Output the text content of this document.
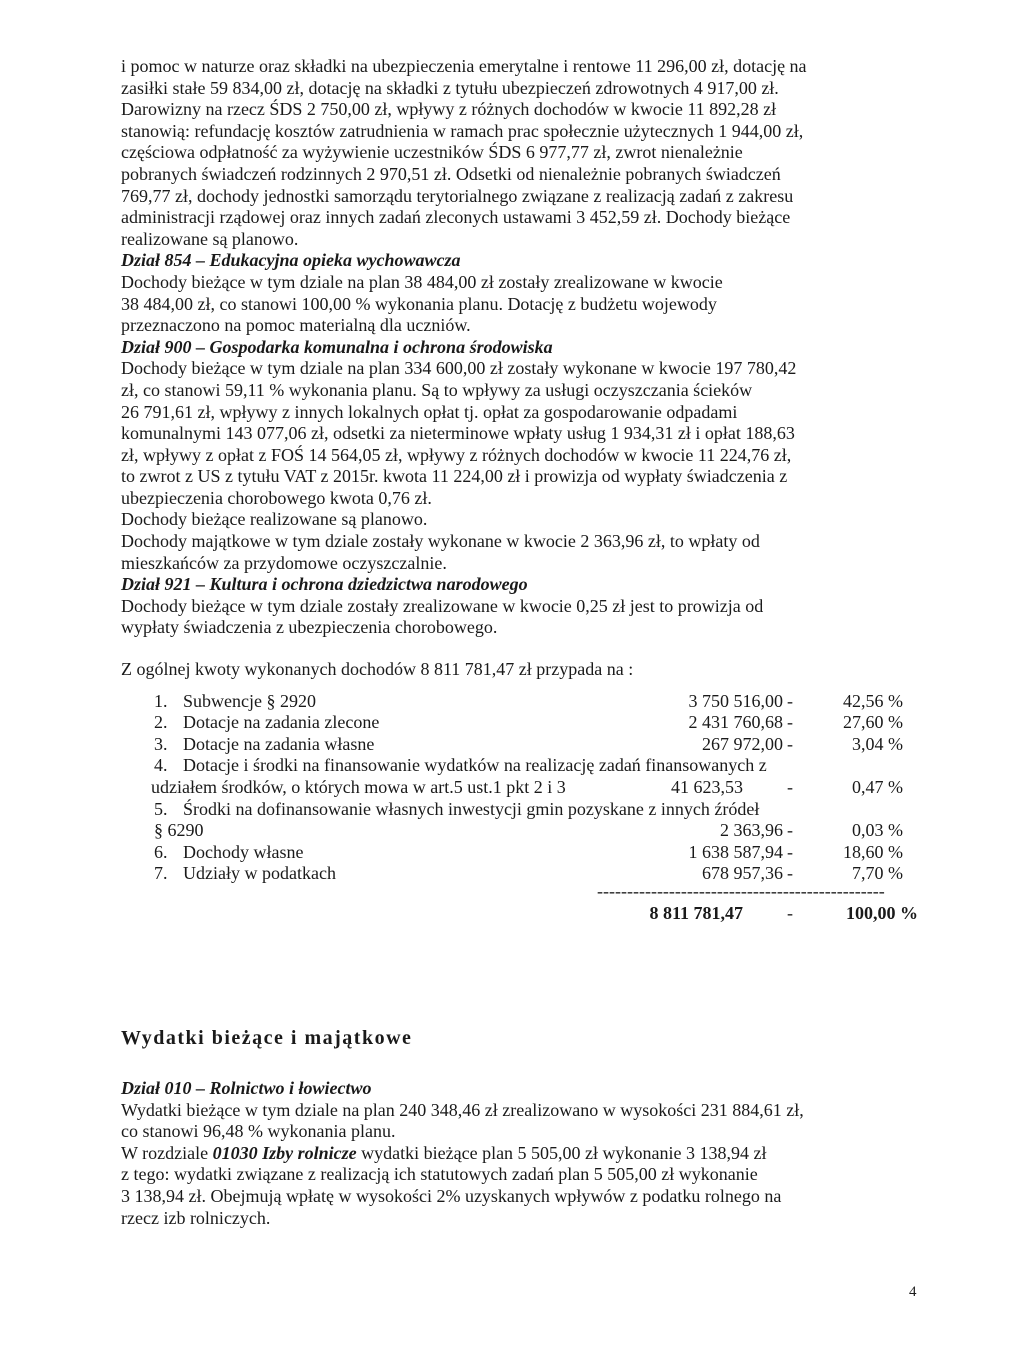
i pomoc w naturze oraz składki na ubezpieczenia emerytalne i rentowe 11 296,00 zł, dotację na

zasiłki stałe 59 834,00 zł, dotację na składki z tytułu ubezpieczeń zdrowotnych 4 917,00 zł.

Darowizny na rzecz ŚDS 2 750,00 zł, wpływy z różnych dochodów w kwocie 11 892,28 zł

stanowią: refundację kosztów zatrudnienia w ramach prac społecznie użytecznych 1 944,00 zł,

częściowa odpłatność za wyżywienie uczestników ŚDS 6 977,77 zł, zwrot nienależnie

pobranych świadczeń rodzinnych 2 970,51 zł. Odsetki od nienależnie pobranych świadczeń

769,77 zł, dochody jednostki samorządu terytorialnego związane z realizacją zadań z zakresu

administracji rządowej oraz innych zadań zleconych ustawami 3 452,59 zł. Dochody bieżące

realizowane są planowo.

Dział 854 – Edukacyjna opieka wychowawcza

Dochody bieżące w tym dziale na plan 38 484,00 zł zostały zrealizowane w kwocie

38 484,00 zł, co stanowi 100,00 % wykonania planu. Dotację z budżetu wojewody

przeznaczono na pomoc materialną dla uczniów.

Dział 900 – Gospodarka komunalna i ochrona środowiska

Dochody bieżące w tym dziale na plan 334 600,00 zł zostały wykonane w kwocie 197 780,42

zł, co stanowi 59,11 % wykonania planu. Są to wpływy za usługi oczyszczania ścieków

26 791,61 zł, wpływy z innych lokalnych opłat tj. opłat za gospodarowanie odpadami

komunalnymi 143 077,06 zł, odsetki za nieterminowe wpłaty usług 1 934,31 zł i opłat 188,63

zł, wpływy z opłat z FOŚ 14 564,05 zł, wpływy z różnych dochodów w kwocie 11 224,76 zł,

to zwrot z US z tytułu VAT z 2015r. kwota 11 224,00 zł i prowizja od wypłaty świadczenia z

ubezpieczenia chorobowego kwota 0,76 zł.

Dochody bieżące realizowane są planowo.

Dochody majątkowe w tym dziale zostały wykonane w kwocie 2 363,96 zł, to wpłaty od

mieszkańców za przydomowe oczyszczalnie.

Dział 921 – Kultura i ochrona dziedzictwa narodowego

Dochody bieżące w tym dziale zostały zrealizowane w kwocie 0,25 zł jest to prowizja od

wypłaty świadczenia z ubezpieczenia chorobowego.

Z ogólnej kwoty wykonanych dochodów 8 811 781,47 zł przypada na :

1. Subwencje § 2920	3 750 516,00 -	42,56 %
2. Dotacje na zadania zlecone	2 431 760,68 -	27,60 %
3. Dotacje na zadania własne	267 972,00 -	3,04 %
4. Dotacje i środki na finansowanie wydatków na realizację zadań finansowanych z
udziałem środków, o których mowa w art.5 ust.1 pkt 2 i 3	41 623,53 -	0,47 %
5. Środki na dofinansowanie własnych inwestycji gmin pozyskane z innych źródeł
§ 6290	2 363,96 -	0,03 %
6. Dochody własne	1 638 587,94 -	18,60 %
7. Udziały w podatkach	678 957,36 -	7,70 %
------------------------------------------------
8 811 781,47 -	100,00 %
Wydatki bieżące i majątkowe

Dział 010 – Rolnictwo i łowiectwo

Wydatki bieżące w tym dziale na plan 240 348,46 zł zrealizowano w wysokości 231 884,61 zł,

co stanowi 96,48 % wykonania planu.

W rozdziale 01030 Izby rolnicze wydatki bieżące plan 5 505,00 zł wykonanie 3 138,94 zł

z tego: wydatki związane z realizacją ich statutowych zadań plan 5 505,00 zł wykonanie

3 138,94 zł. Obejmują wpłatę w wysokości 2% uzyskanych wpływów z podatku rolnego na

rzecz izb rolniczych.

4
